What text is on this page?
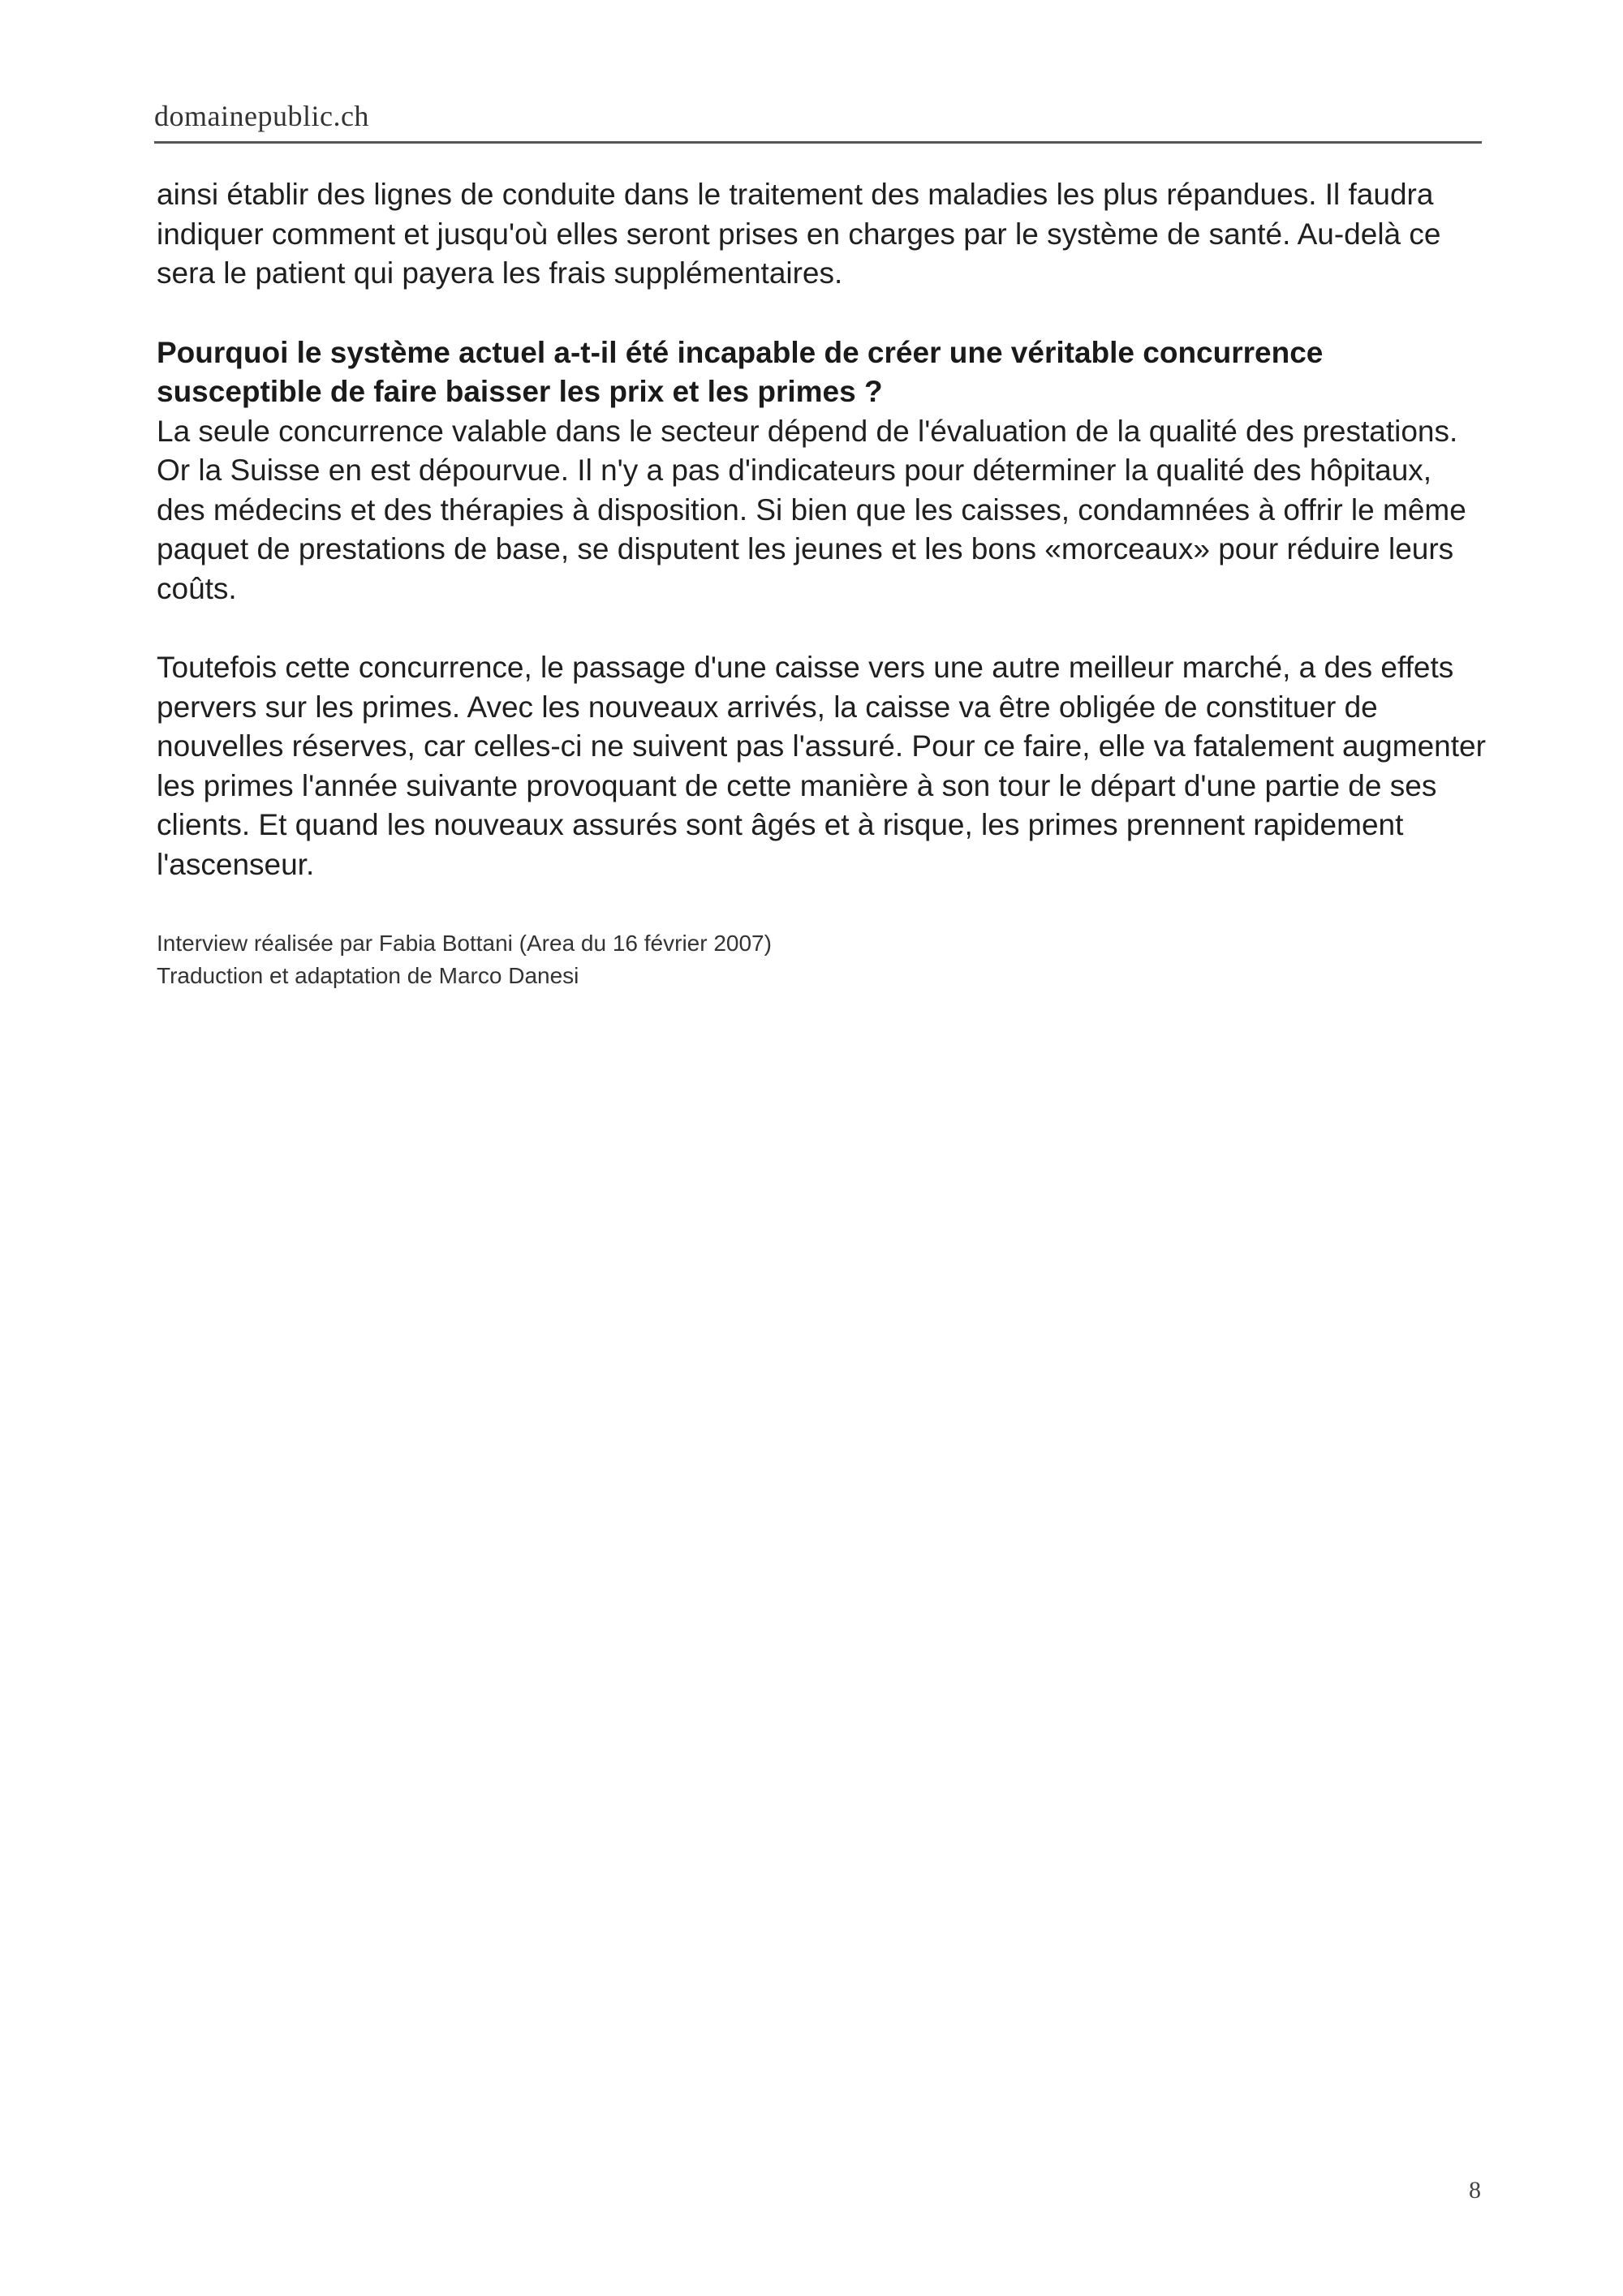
domainepublic.ch

ainsi établir des lignes de conduite dans le traitement des maladies les plus répandues. Il faudra indiquer comment et jusqu'où elles seront prises en charges par le système de santé. Au-delà ce sera le patient qui payera les frais supplémentaires.

Pourquoi le système actuel a-t-il été incapable de créer une véritable concurrence susceptible de faire baisser les prix et les primes ?

La seule concurrence valable dans le secteur dépend de l'évaluation de la qualité des prestations. Or la Suisse en est dépourvue. Il n'y a pas d'indicateurs pour déterminer la qualité des hôpitaux, des médecins et des thérapies à disposition. Si bien que les caisses, condamnées à offrir le même paquet de prestations de base, se disputent les jeunes et les bons «morceaux» pour réduire leurs coûts.

Toutefois cette concurrence, le passage d'une caisse vers une autre meilleur marché, a des effets pervers sur les primes. Avec les nouveaux arrivés, la caisse va être obligée de constituer de nouvelles réserves, car celles-ci ne suivent pas l'assuré. Pour ce faire, elle va fatalement augmenter les primes l'année suivante provoquant de cette manière à son tour le départ d'une partie de ses clients. Et quand les nouveaux assurés sont âgés et à risque, les primes prennent rapidement l'ascenseur.

Interview réalisée par Fabia Bottani (Area du 16 février 2007)
Traduction et adaptation de Marco Danesi
8
